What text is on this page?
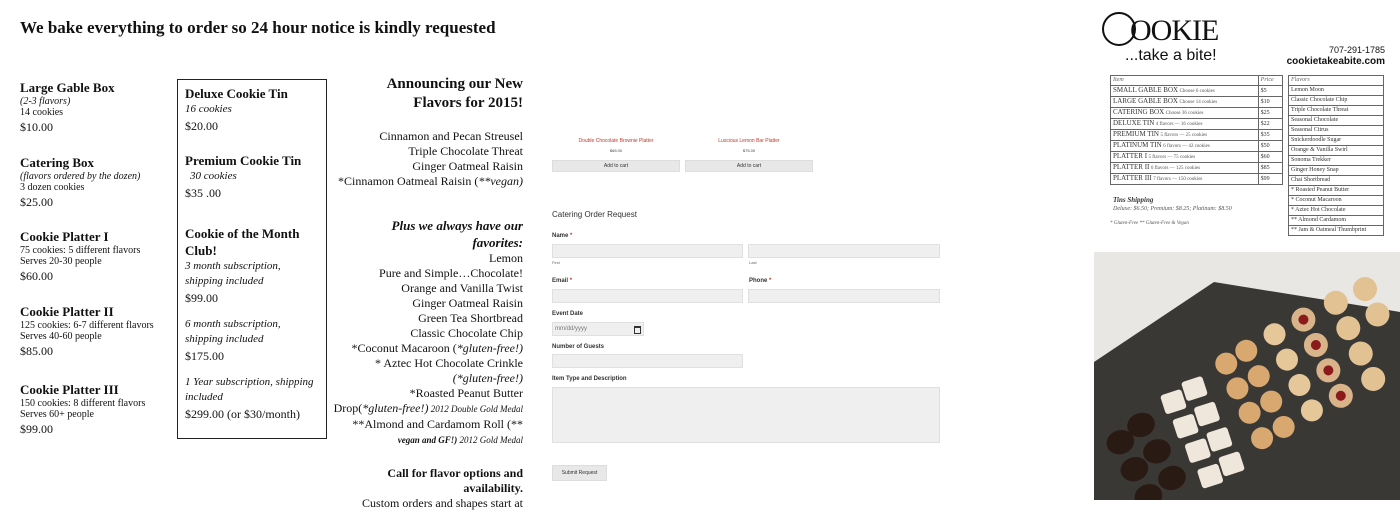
We bake everything to order so 24 hour notice is kindly requested
Large Gable Box
(2-3 flavors)
14 cookies
$10.00
Catering Box
(flavors ordered by the dozen)
3 dozen cookies
$25.00
Cookie Platter I
75 cookies: 5 different flavors
Serves 20-30 people
$60.00
Cookie Platter II
125 cookies: 6-7 different flavors
Serves 40-60 people
$85.00
Cookie Platter III
150 cookies: 8 different flavors
Serves 60+ people
$99.00
Deluxe Cookie Tin
16 cookies
$20.00
Premium Cookie Tin
30 cookies
$35 .00
Cookie of the Month
Club!
3 month subscription,
shipping included
$99.00
6 month subscription,
shipping included
$175.00
1 Year subscription, shipping
included
$299.00 (or $30/month)
Announcing our New
Flavors for 2015!
Cinnamon and Pecan Streusel
Triple Chocolate Threat
Ginger Oatmeal Raisin
*Cinnamon Oatmeal Raisin (**vegan)
Plus we always have our
favorites:
Lemon
Pure and Simple…Chocolate!
Orange and Vanilla Twist
Ginger Oatmeal Raisin
Green Tea Shortbread
Classic Chocolate Chip
*Coconut Macaroon (*gluten-free!)
* Aztec Hot Chocolate Crinkle
(*gluten-free!)
*Roasted Peanut Butter
Drop(*gluten-free!) 2012 Double Gold Medal
**Almond and Cardamom Roll (**
vegan and GF!) 2012 Gold Medal
Call for flavor options and
availability.
Custom orders and shapes start at
Double Chocolate Brownie Platter
$65.00
Add to cart
Luscious Lemon Bar Platter
$75.00
Add to cart
Catering Order Request
Name *
First	Last
Email *	Phone *
Event Date
mm/dd/yyyy
Number of Guests
Item Type and Description
Submit Request
OOKIE
...take a bite!	707-291-1785
cookietakeabite.com
Item	Price
SMALL GABLE BOX Choose 6 cookies	$5
LARGE GABLE BOX Choose 14 cookies	$10
CATERING BOX Choose 36 cookies	$25
DELUXE TIN 4 flavors — 16 cookies	$22
PREMIUM TIN 5 flavors — 25 cookies	$35
PLATINUM TIN 6 flavors — 42 cookies	$50
PLATTER I 5 flavors — 75 cookies	$60
PLATTER II 6 flavors — 125 cookies	$85
PLATTER III 7 flavors — 150 cookies	$99
Flavors
Lemon Moon
Classic Chocolate Chip
Triple Chocolate Threat
Seasonal Chocolate
Seasonal Citrus
Snickerdoodle Sugar
Orange & Vanilla Swirl
Sonoma Trekker
Ginger Honey Snap
Chai Shortbread
* Roasted Peanut Butter
* Coconut Macaroon
* Aztec Hot Chocolate
** Almond Cardamom
** Jam & Oatmeal Thumbprint
Tins Shipping
Deluxe: $6.50; Premium: $8.25; Platinum: $8.50
* Gluten-Free ** Gluten-Free & Vegan
